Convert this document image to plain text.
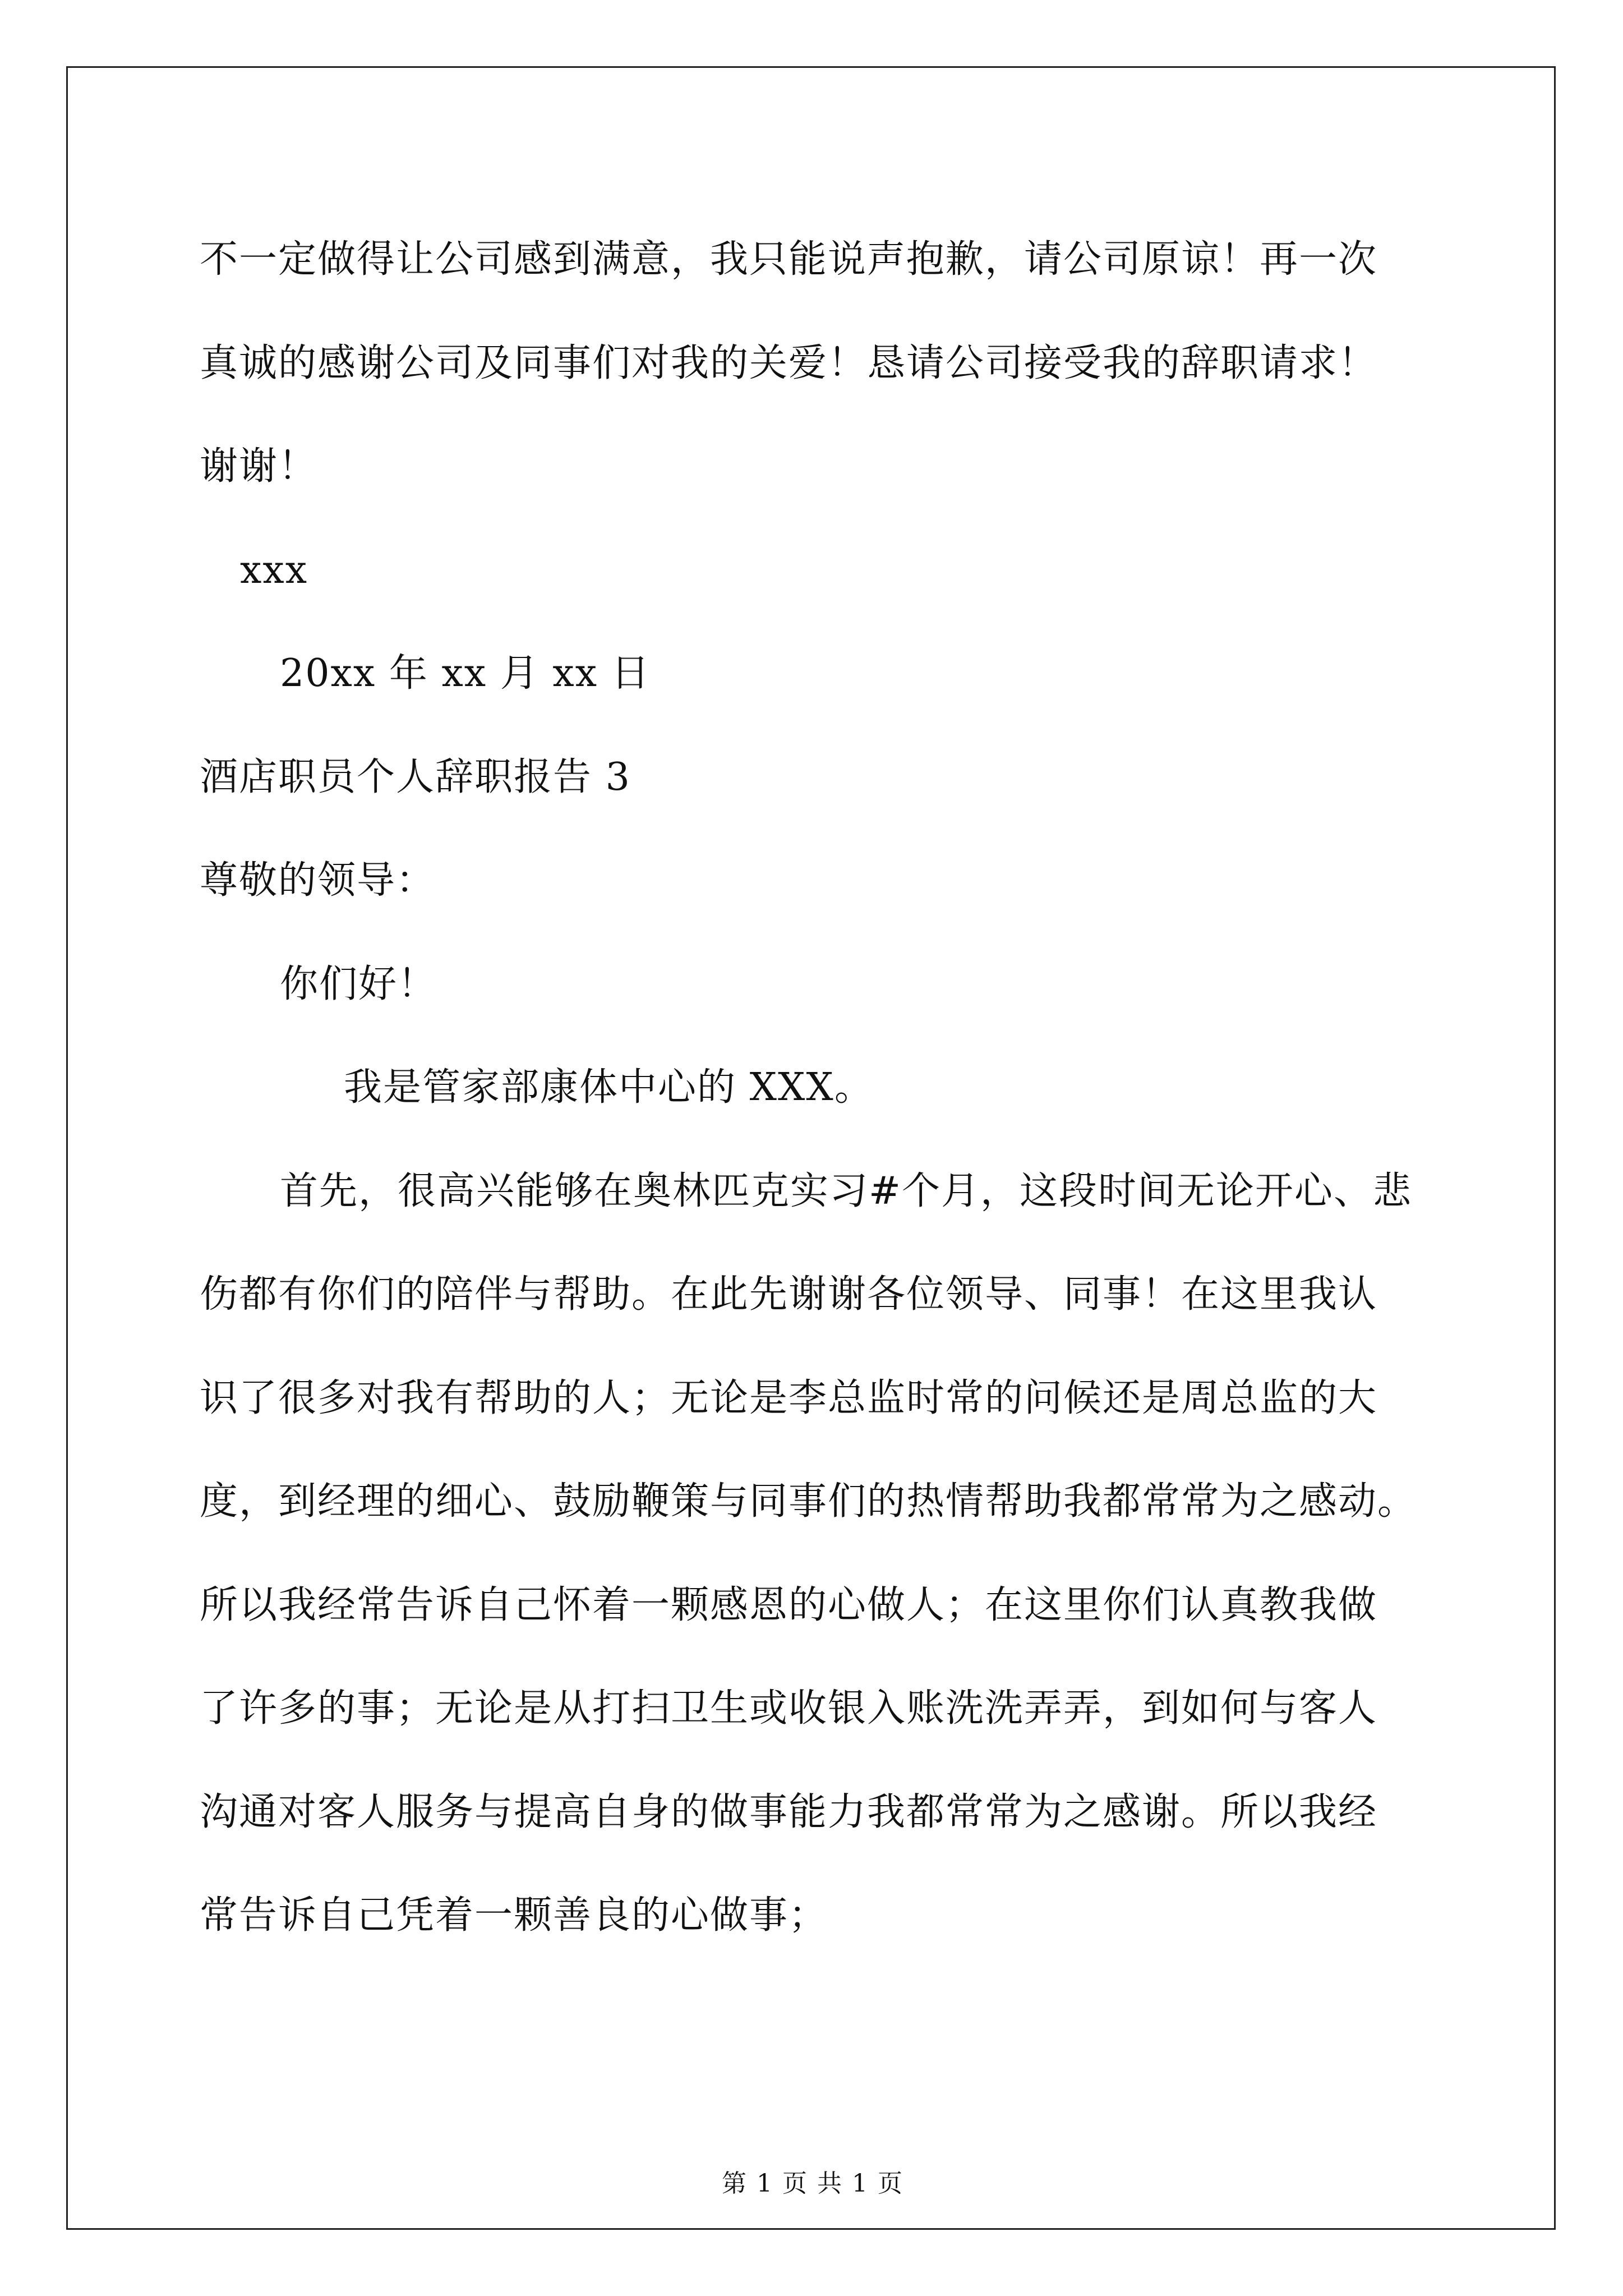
不一定做得让公司感到满意，我只能说声抱歉，请公司原谅！再一次
真诚的感谢公司及同事们对我的关爱！恳请公司接受我的辞职请求！
谢谢！
xxx
20xx 年 xx 月 xx 日
酒店职员个人辞职报告 3
尊敬的领导：
你们好！
我是管家部康体中心的 XXX。
首先，很高兴能够在奥林匹克实习#个月，这段时间无论开心、悲
伤都有你们的陪伴与帮助。在此先谢谢各位领导、同事！在这里我认
识了很多对我有帮助的人；无论是李总监时常的问候还是周总监的大
度，到经理的细心、鼓励鞭策与同事们的热情帮助我都常常为之感动。
所以我经常告诉自己怀着一颗感恩的心做人；在这里你们认真教我做
了许多的事；无论是从打扫卫生或收银入账洗洗弄弄，到如何与客人
沟通对客人服务与提高自身的做事能力我都常常为之感谢。所以我经
常告诉自己凭着一颗善良的心做事；
第 1 页 共 1 页
